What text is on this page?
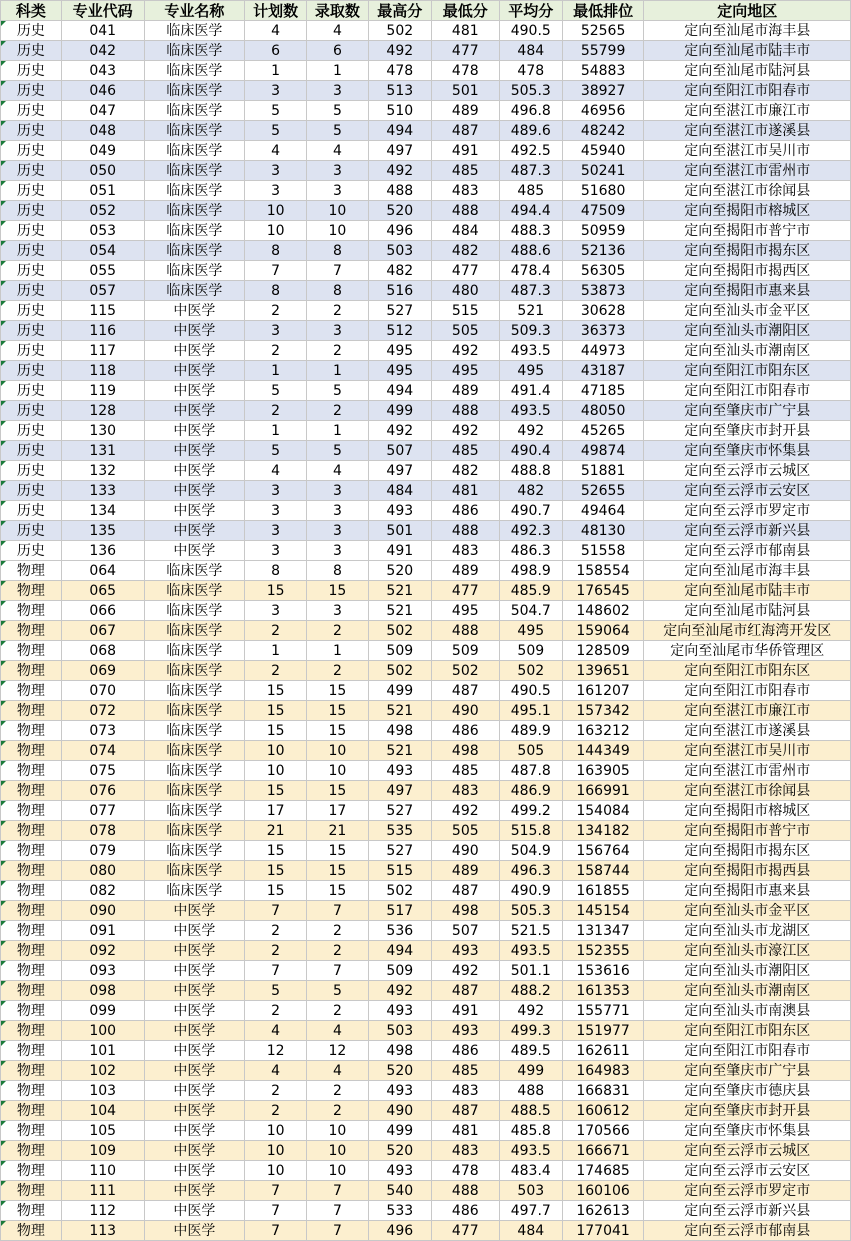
科类	专业代码	专业名称	计划数	录取数	最高分	最低分	平均分	最低排位	定向地区
历史	041	临床医学	4	4	502	481	490.5	52565	定向至汕尾市海丰县
历史	042	临床医学	6	6	492	477	484	55799	定向至汕尾市陆丰市
历史	043	临床医学	1	1	478	478	478	54883	定向至汕尾市陆河县
历史	046	临床医学	3	3	513	501	505.3	38927	定向至阳江市阳春市
历史	047	临床医学	5	5	510	489	496.8	46956	定向至湛江市廉江市
历史	048	临床医学	5	5	494	487	489.6	48242	定向至湛江市遂溪县
历史	049	临床医学	4	4	497	491	492.5	45940	定向至湛江市吴川市
历史	050	临床医学	3	3	492	485	487.3	50241	定向至湛江市雷州市
历史	051	临床医学	3	3	488	483	485	51680	定向至湛江市徐闻县
历史	052	临床医学	10	10	520	488	494.4	47509	定向至揭阳市榕城区
历史	053	临床医学	10	10	496	484	488.3	50959	定向至揭阳市普宁市
历史	054	临床医学	8	8	503	482	488.6	52136	定向至揭阳市揭东区
历史	055	临床医学	7	7	482	477	478.4	56305	定向至揭阳市揭西区
历史	057	临床医学	8	8	516	480	487.3	53873	定向至揭阳市惠来县
历史	115	中医学	2	2	527	515	521	30628	定向至汕头市金平区
历史	116	中医学	3	3	512	505	509.3	36373	定向至汕头市潮阳区
历史	117	中医学	2	2	495	492	493.5	44973	定向至汕头市潮南区
历史	118	中医学	1	1	495	495	495	43187	定向至阳江市阳东区
历史	119	中医学	5	5	494	489	491.4	47185	定向至阳江市阳春市
历史	128	中医学	2	2	499	488	493.5	48050	定向至肇庆市广宁县
历史	130	中医学	1	1	492	492	492	45265	定向至肇庆市封开县
历史	131	中医学	5	5	507	485	490.4	49874	定向至肇庆市怀集县
历史	132	中医学	4	4	497	482	488.8	51881	定向至云浮市云城区
历史	133	中医学	3	3	484	481	482	52655	定向至云浮市云安区
历史	134	中医学	3	3	493	486	490.7	49464	定向至云浮市罗定市
历史	135	中医学	3	3	501	488	492.3	48130	定向至云浮市新兴县
历史	136	中医学	3	3	491	483	486.3	51558	定向至云浮市郁南县
物理	064	临床医学	8	8	520	489	498.9	158554	定向至汕尾市海丰县
物理	065	临床医学	15	15	521	477	485.9	176545	定向至汕尾市陆丰市
物理	066	临床医学	3	3	521	495	504.7	148602	定向至汕尾市陆河县
物理	067	临床医学	2	2	502	488	495	159064	定向至汕尾市红海湾开发区
物理	068	临床医学	1	1	509	509	509	128509	定向至汕尾市华侨管理区
物理	069	临床医学	2	2	502	502	502	139651	定向至阳江市阳东区
物理	070	临床医学	15	15	499	487	490.5	161207	定向至阳江市阳春市
物理	072	临床医学	15	15	521	490	495.1	157342	定向至湛江市廉江市
物理	073	临床医学	15	15	498	486	489.9	163212	定向至湛江市遂溪县
物理	074	临床医学	10	10	521	498	505	144349	定向至湛江市吴川市
物理	075	临床医学	10	10	493	485	487.8	163905	定向至湛江市雷州市
物理	076	临床医学	15	15	497	483	486.9	166991	定向至湛江市徐闻县
物理	077	临床医学	17	17	527	492	499.2	154084	定向至揭阳市榕城区
物理	078	临床医学	21	21	535	505	515.8	134182	定向至揭阳市普宁市
物理	079	临床医学	15	15	527	490	504.9	156764	定向至揭阳市揭东区
物理	080	临床医学	15	15	515	489	496.3	158744	定向至揭阳市揭西县
物理	082	临床医学	15	15	502	487	490.9	161855	定向至揭阳市惠来县
物理	090	中医学	7	7	517	498	505.3	145154	定向至汕头市金平区
物理	091	中医学	2	2	536	507	521.5	131347	定向至汕头市龙湖区
物理	092	中医学	2	2	494	493	493.5	152355	定向至汕头市濠江区
物理	093	中医学	7	7	509	492	501.1	153616	定向至汕头市潮阳区
物理	098	中医学	5	5	492	487	488.2	161353	定向至汕头市潮南区
物理	099	中医学	2	2	493	491	492	155771	定向至汕头市南澳县
物理	100	中医学	4	4	503	493	499.3	151977	定向至阳江市阳东区
物理	101	中医学	12	12	498	486	489.5	162611	定向至阳江市阳春市
物理	102	中医学	4	4	520	485	499	164983	定向至肇庆市广宁县
物理	103	中医学	2	2	493	483	488	166831	定向至肇庆市德庆县
物理	104	中医学	2	2	490	487	488.5	160612	定向至肇庆市封开县
物理	105	中医学	10	10	499	481	485.8	170566	定向至肇庆市怀集县
物理	109	中医学	10	10	520	483	493.5	166671	定向至云浮市云城区
物理	110	中医学	10	10	493	478	483.4	174685	定向至云浮市云安区
物理	111	中医学	7	7	540	488	503	160106	定向至云浮市罗定市
物理	112	中医学	7	7	533	486	497.7	162613	定向至云浮市新兴县
物理	113	中医学	7	7	496	477	484	177041	定向至云浮市郁南县
